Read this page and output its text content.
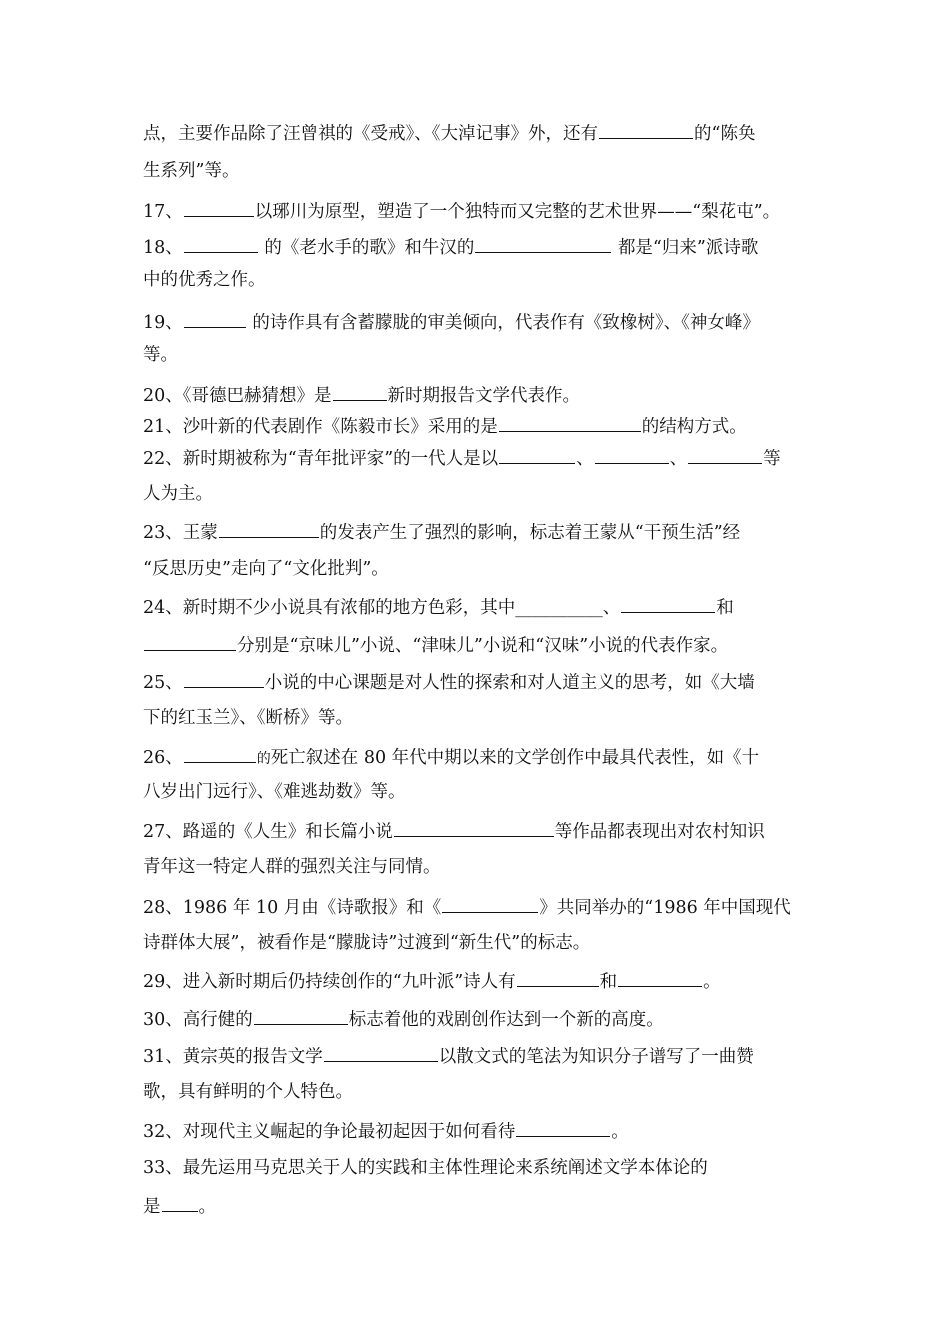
点，主要作品除了汪曾祺的《受戒》、《大淖记事》外，还有	的“陈奂
生系列”等。
17、	以琊川为原型，塑造了一个独特而又完整的艺术世界——“梨花屯”。
18、	的《老水手的歌》和牛汉的	都是“归来”派诗歌
中的优秀之作。
19、	的诗作具有含蓄朦胧的审美倾向，代表作有《致橡树》、《神女峰》
等。
20、《哥德巴赫猜想》是	新时期报告文学代表作。
21、沙叶新的代表剧作《陈毅市长》采用的是	的结构方式。
22、新时期被称为“青年批评家”的一代人是以	、	、	等
人为主。
23、王蒙	的发表产生了强烈的影响，标志着王蒙从“干预生活”经
“反思历史”走向了“文化批判”。
24、新时期不少小说具有浓郁的地方色彩，其中__________、	和
分别是“京味儿”小说、“津味儿”小说和“汉味”小说的代表作家。
25、	小说的中心课题是对人性的探索和对人道主义的思考，如《大墙
下的红玉兰》、《断桥》等。
26、	的死亡叙述在 80 年代中期以来的文学创作中最具代表性，如《十
八岁出门远行》、《难逃劫数》等。
27、路遥的《人生》和长篇小说	等作品都表现出对农村知识
青年这一特定人群的强烈关注与同情。
28、1986 年 10 月由《诗歌报》和《	》共同举办的“1986 年中国现代
诗群体大展”，被看作是“朦胧诗”过渡到“新生代”的标志。
29、进入新时期后仍持续创作的“九叶派”诗人有	和	。
30、高行健的	标志着他的戏剧创作达到一个新的高度。
31、黄宗英的报告文学	以散文式的笔法为知识分子谱写了一曲赞
歌，具有鲜明的个人特色。
32、对现代主义崛起的争论最初起因于如何看待	。
33、最先运用马克思关于人的实践和主体性理论来系统阐述文学本体论的
是 。
